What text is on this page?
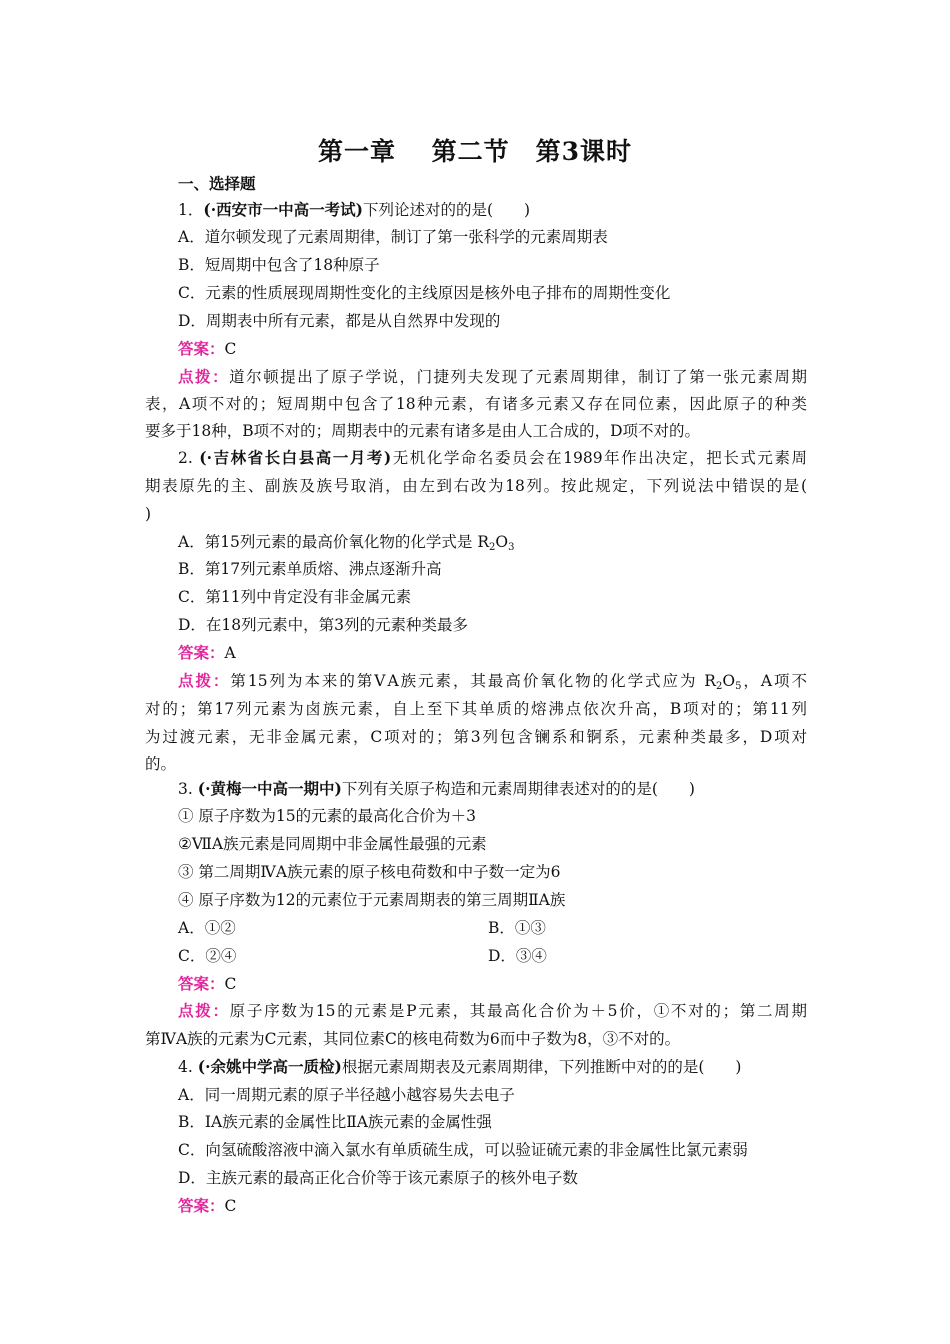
第一章　 第二节　第3课时
一、选择题
1．(·西安市一中高一考试)下列论述对的的是(　　)
A．道尔顿发现了元素周期律，制订了第一张科学的元素周期表
B．短周期中包含了18种原子
C．元素的性质展现周期性变化的主线原因是核外电子排布的周期性变化
D．周期表中所有元素，都是从自然界中发现的
答案：C
点拨：道尔顿提出了原子学说，门捷列夫发现了元素周期律，制订了第一张元素周期
表，A项不对的；短周期中包含了18种元素，有诸多元素又存在同位素，因此原子的种类
要多于18种，B项不对的；周期表中的元素有诸多是由人工合成的，D项不对的。
2. (·吉林省长白县高一月考)无机化学命名委员会在1989年作出决定，把长式元素周
期表原先的主、副族及族号取消，由左到右改为18列。按此规定，下列说法中错误的是(
)
A．第15列元素的最高价氧化物的化学式是 $R_2O_3$
B．第17列元素单质熔、沸点逐渐升高
C．第11列中肯定没有非金属元素
D．在18列元素中，第3列的元素种类最多
答案：A
点拨：第15列为本来的第ⅤA族元素，其最高价氧化物的化学式应为 $R_2O_5$，A项不
对的；第17列元素为卤族元素，自上至下其单质的熔沸点依次升高，B项对的；第11列
为过渡元素，无非金属元素，C项对的；第3列包含镧系和锕系，元素种类最多，D项对
的。
3. (·黄梅一中高一期中)下列有关原子构造和元素周期律表述对的的是(　　)
① 原子序数为15的元素的最高化合价为＋3
②ⅦA族元素是同周期中非金属性最强的元素
③ 第二周期ⅣA族元素的原子核电荷数和中子数一定为6
④ 原子序数为12的元素位于元素周期表的第三周期ⅡA族
A．①②	B．①③
C．②④	D．③④
答案：C
点拨：原子序数为15的元素是P元素，其最高化合价为＋5价，①不对的；第二周期
第ⅣA族的元素为C元素，其同位素C的核电荷数为6而中子数为8，③不对的。
4. (·余姚中学高一质检)根据元素周期表及元素周期律，下列推断中对的的是(　　)
A．同一周期元素的原子半径越小越容易失去电子
B．ⅠA族元素的金属性比ⅡA族元素的金属性强
C．向氢硫酸溶液中滴入氯水有单质硫生成，可以验证硫元素的非金属性比氯元素弱
D．主族元素的最高正化合价等于该元素原子的核外电子数
答案：C
